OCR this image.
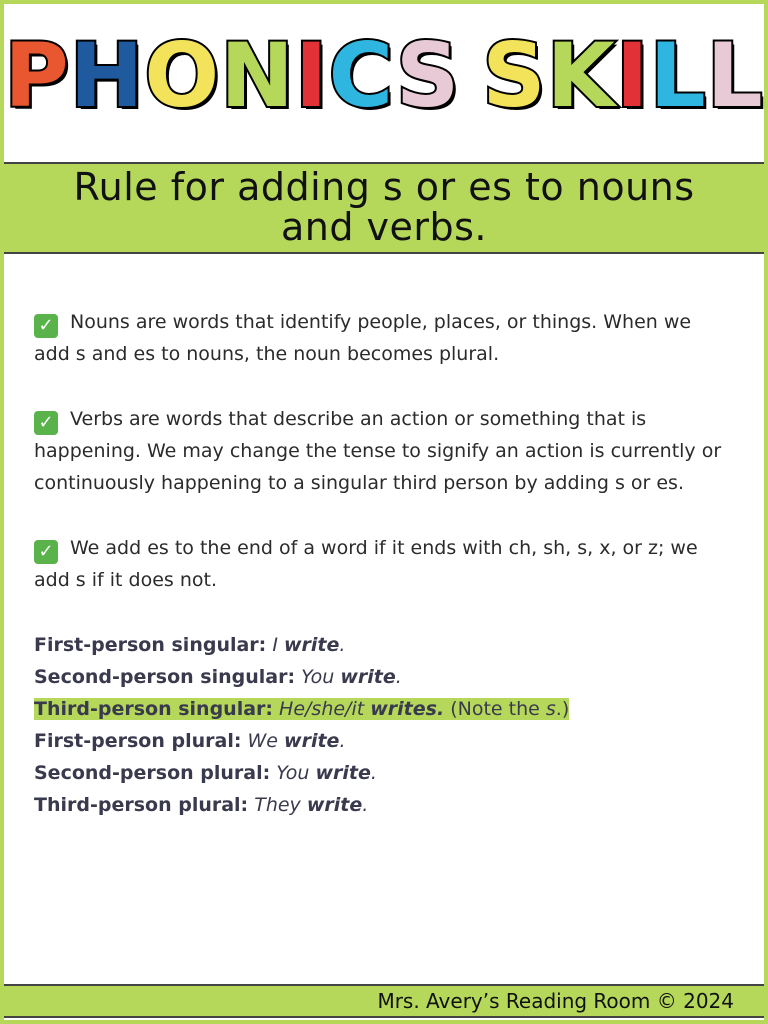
PHONICS SKILL
Rule for adding s or es to nouns
and verbs.

✓ Nouns are words that identify people, places, or things. When we add s and es to nouns, the noun becomes plural.

✓ Verbs are words that describe an action or something that is happening. We may change the tense to signify an action is currently or continuously happening to a singular third person by adding s or es.

✓ We add es to the end of a word if it ends with ch, sh, s, x, or z; we add s if it does not.

First-person singular: I write.
Second-person singular: You write.
Third-person singular: He/she/it writes. (Note the s.)
First-person plural: We write.
Second-person plural: You write.
Third-person plural: They write.
Mrs. Avery’s Reading Room © 2024
